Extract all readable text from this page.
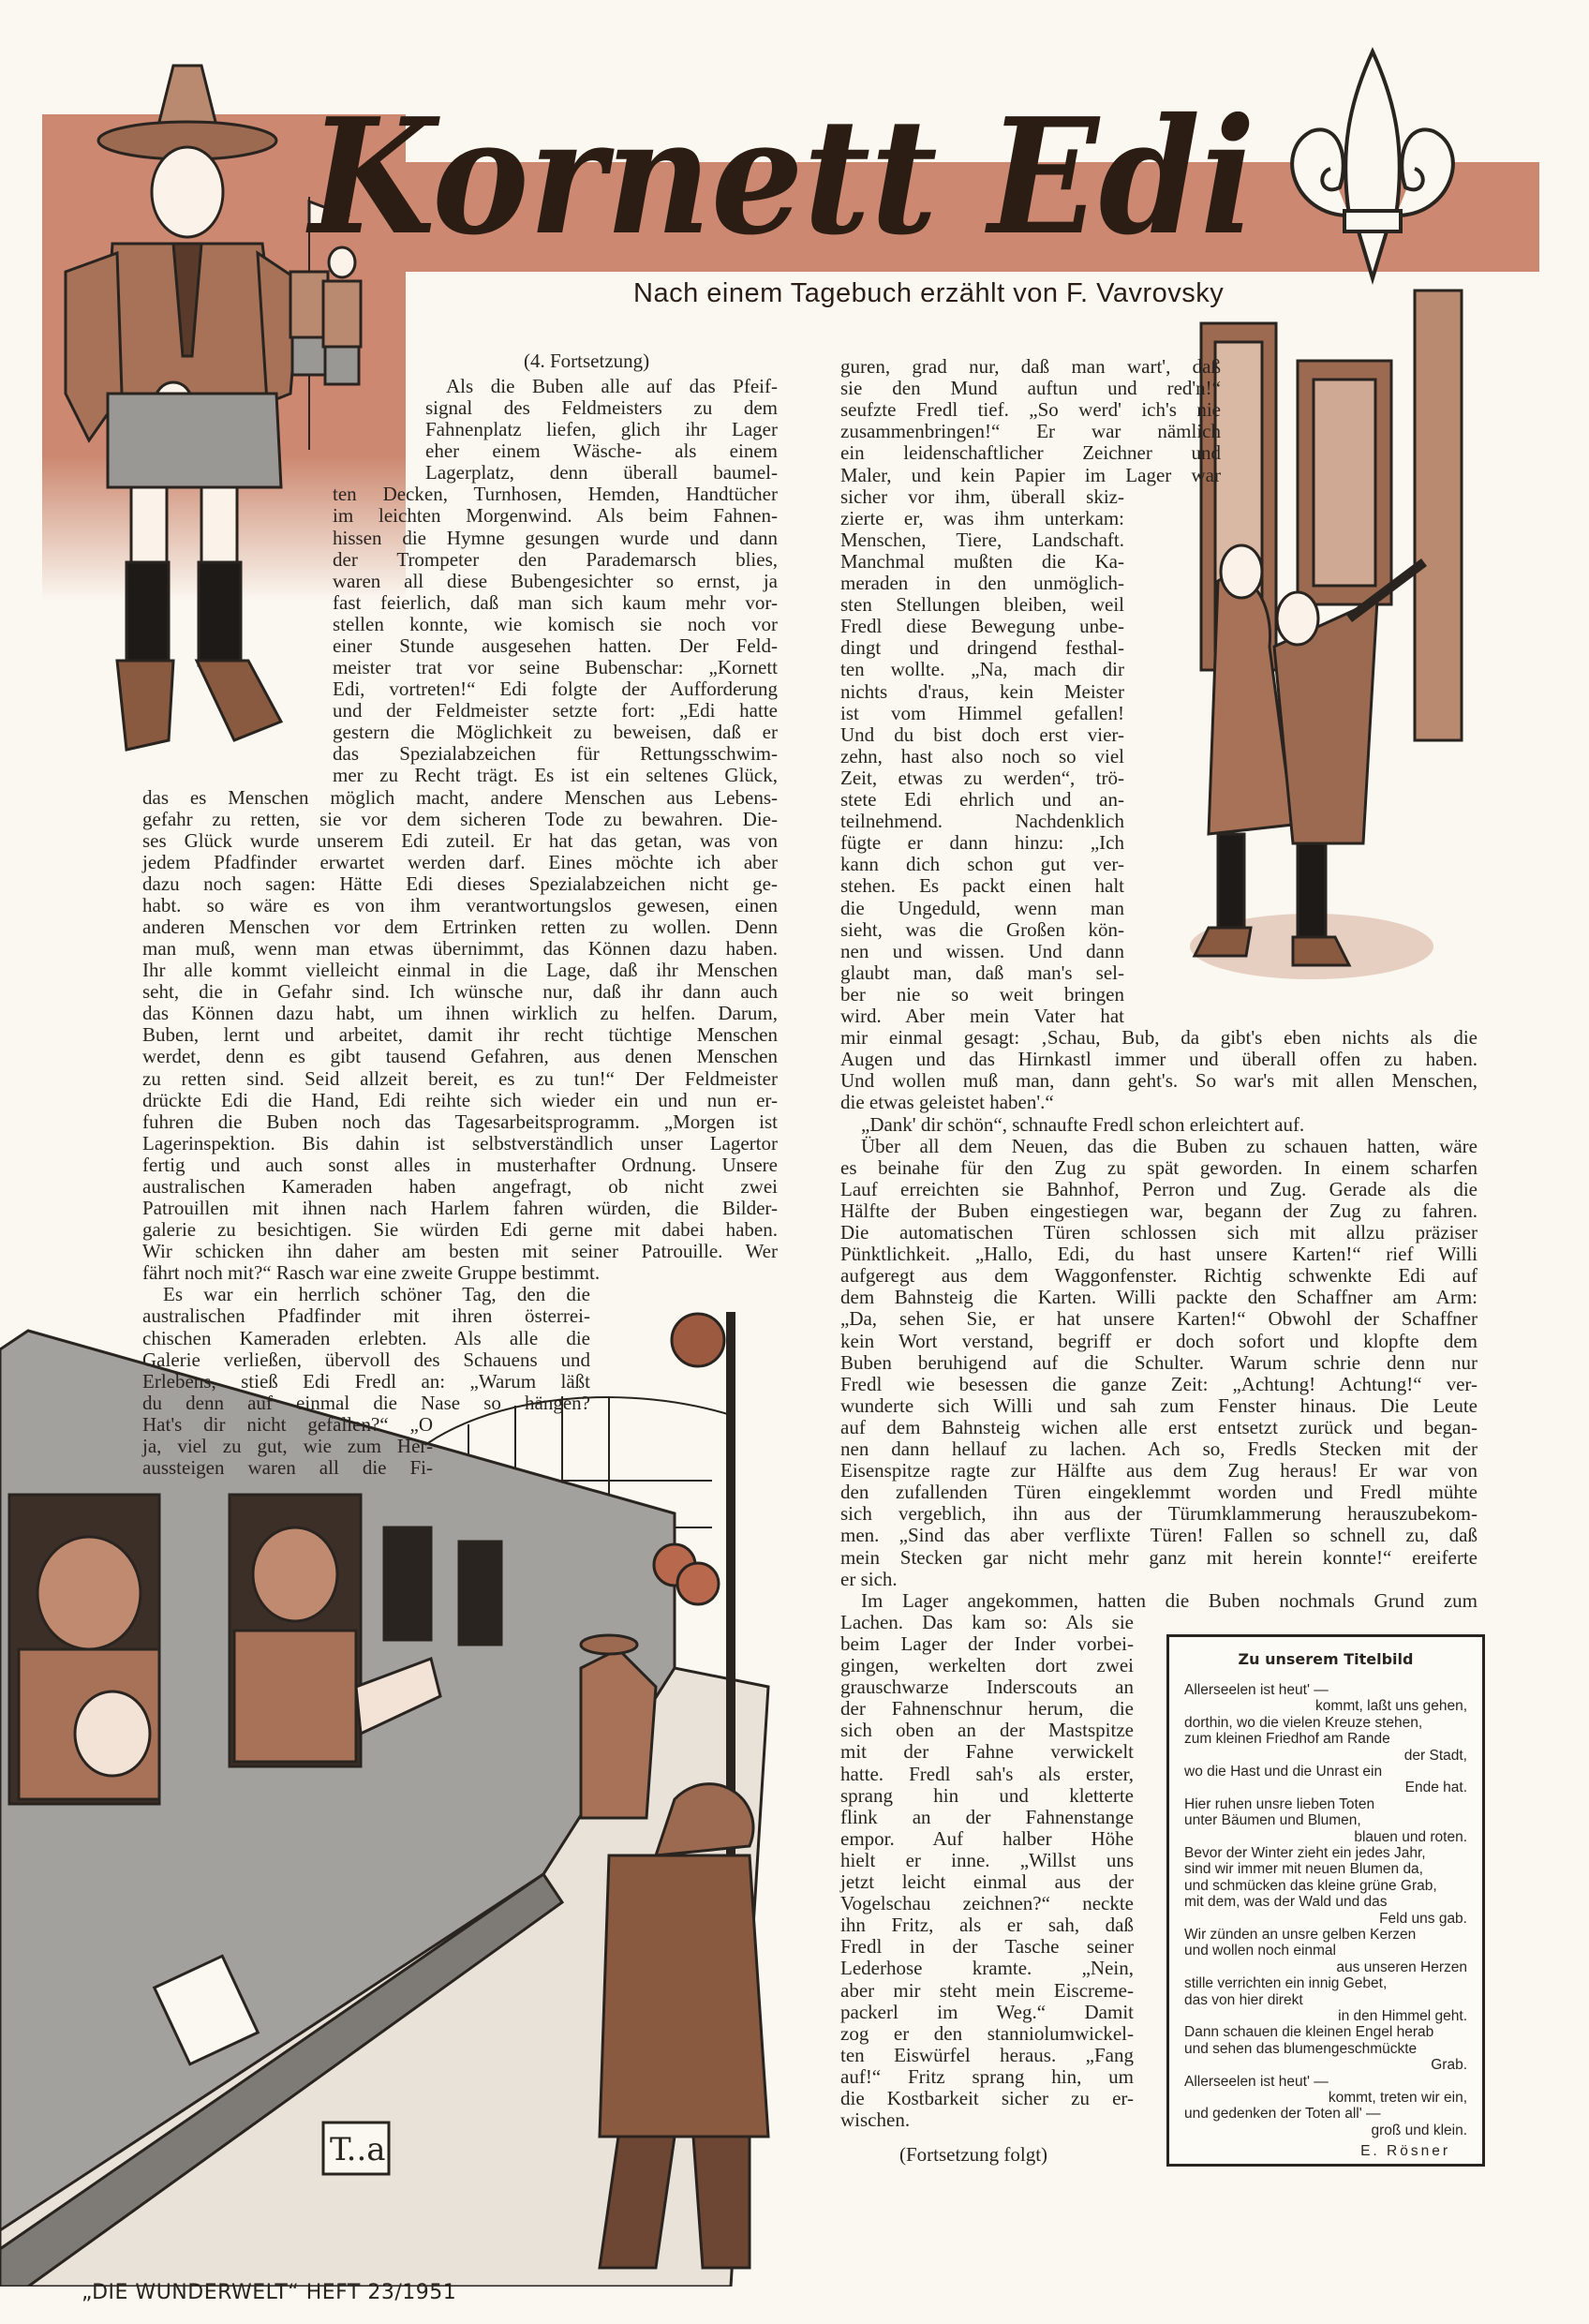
Kornett Edi
Nach einem Tagebuch erzählt von F. Vavrovsky
T..a
(4. Fortsetzung)
Als die Buben alle auf das Pfeif-
signal des Feldmeisters zu dem
Fahnenplatz liefen, glich ihr Lager
eher einem Wäsche- als einem
Lagerplatz, denn überall baumel-
ten Decken, Turnhosen, Hemden, Handtücher
im leichten Morgenwind. Als beim Fahnen-
hissen die Hymne gesungen wurde und dann
der Trompeter den Parademarsch blies,
waren all diese Bubengesichter so ernst, ja
fast feierlich, daß man sich kaum mehr vor-
stellen konnte, wie komisch sie noch vor
einer Stunde ausgesehen hatten. Der Feld-
meister trat vor seine Bubenschar: „Kornett
Edi, vortreten!“ Edi folgte der Aufforderung
und der Feldmeister setzte fort: „Edi hatte
gestern die Möglichkeit zu beweisen, daß er
das Spezialabzeichen für Rettungsschwim-
mer zu Recht trägt. Es ist ein seltenes Glück,
das es Menschen möglich macht, andere Menschen aus Lebens-
gefahr zu retten, sie vor dem sicheren Tode zu bewahren. Die-
ses Glück wurde unserem Edi zuteil. Er hat das getan, was von
jedem Pfadfinder erwartet werden darf. Eines möchte ich aber
dazu noch sagen: Hätte Edi dieses Spezialabzeichen nicht ge-
habt. so wäre es von ihm verantwortungslos gewesen, einen
anderen Menschen vor dem Ertrinken retten zu wollen. Denn
man muß, wenn man etwas übernimmt, das Können dazu haben.
Ihr alle kommt vielleicht einmal in die Lage, daß ihr Menschen
seht, die in Gefahr sind. Ich wünsche nur, daß ihr dann auch
das Können dazu habt, um ihnen wirklich zu helfen. Darum,
Buben, lernt und arbeitet, damit ihr recht tüchtige Menschen
werdet, denn es gibt tausend Gefahren, aus denen Menschen
zu retten sind. Seid allzeit bereit, es zu tun!“ Der Feldmeister
drückte Edi die Hand, Edi reihte sich wieder ein und nun er-
fuhren die Buben noch das Tagesarbeitsprogramm. „Morgen ist
Lagerinspektion. Bis dahin ist selbstverständlich unser Lagertor
fertig und auch sonst alles in musterhafter Ordnung. Unsere
australischen Kameraden haben angefragt, ob nicht zwei
Patrouillen mit ihnen nach Harlem fahren würden, die Bilder-
galerie zu besichtigen. Sie würden Edi gerne mit dabei haben.
Wir schicken ihn daher am besten mit seiner Patrouille. Wer
fährt noch mit?“ Rasch war eine zweite Gruppe bestimmt.
Es war ein herrlich schöner Tag, den die
australischen Pfadfinder mit ihren österrei-
chischen Kameraden erlebten. Als alle die
Galerie verließen, übervoll des Schauens und
Erlebens, stieß Edi Fredl an: „Warum läßt
du denn auf einmal die Nase so hängen?
Hat's dir nicht gefallen?“ „O
ja, viel zu gut, wie zum Her-
aussteigen waren all die Fi-
guren, grad nur, daß man wart', daß
sie den Mund auftun und red'n!“
seufzte Fredl tief. „So werd' ich's nie
zusammenbringen!“ Er war nämlich
ein leidenschaftlicher Zeichner und
Maler, und kein Papier im Lager war
sicher vor ihm, überall skiz-
zierte er, was ihm unterkam:
Menschen, Tiere, Landschaft.
Manchmal mußten die Ka-
meraden in den unmöglich-
sten Stellungen bleiben, weil
Fredl diese Bewegung unbe-
dingt und dringend festhal-
ten wollte. „Na, mach dir
nichts d'raus, kein Meister
ist vom Himmel gefallen!
Und du bist doch erst vier-
zehn, hast also noch so viel
Zeit, etwas zu werden“, trö-
stete Edi ehrlich und an-
teilnehmend. Nachdenklich
fügte er dann hinzu: „Ich
kann dich schon gut ver-
stehen. Es packt einen halt
die Ungeduld, wenn man
sieht, was die Großen kön-
nen und wissen. Und dann
glaubt man, daß man's sel-
ber nie so weit bringen
wird. Aber mein Vater hat
mir einmal gesagt: ‚Schau, Bub, da gibt's eben nichts als die
Augen und das Hirnkastl immer und überall offen zu haben.
Und wollen muß man, dann geht's. So war's mit allen Menschen,
die etwas geleistet haben'.“
„Dank' dir schön“, schnaufte Fredl schon erleichtert auf.
Über all dem Neuen, das die Buben zu schauen hatten, wäre
es beinahe für den Zug zu spät geworden. In einem scharfen
Lauf erreichten sie Bahnhof, Perron und Zug. Gerade als die
Hälfte der Buben eingestiegen war, begann der Zug zu fahren.
Die automatischen Türen schlossen sich mit allzu präziser
Pünktlichkeit. „Hallo, Edi, du hast unsere Karten!“ rief Willi
aufgeregt aus dem Waggonfenster. Richtig schwenkte Edi auf
dem Bahnsteig die Karten. Willi packte den Schaffner am Arm:
„Da, sehen Sie, er hat unsere Karten!“ Obwohl der Schaffner
kein Wort verstand, begriff er doch sofort und klopfte dem
Buben beruhigend auf die Schulter. Warum schrie denn nur
Fredl wie besessen die ganze Zeit: „Achtung! Achtung!“ ver-
wunderte sich Willi und sah zum Fenster hinaus. Die Leute
auf dem Bahnsteig wichen alle erst entsetzt zurück und began-
nen dann hellauf zu lachen. Ach so, Fredls Stecken mit der
Eisenspitze ragte zur Hälfte aus dem Zug heraus! Er war von
den zufallenden Türen eingeklemmt worden und Fredl mühte
sich vergeblich, ihn aus der Türumklammerung herauszubekom-
men. „Sind das aber verflixte Türen! Fallen so schnell zu, daß
mein Stecken gar nicht mehr ganz mit herein konnte!“ ereiferte
er sich.
Im Lager angekommen, hatten die Buben nochmals Grund zum
Lachen. Das kam so: Als sie
beim Lager der Inder vorbei-
gingen, werkelten dort zwei
grauschwarze Inderscouts an
der Fahnenschnur herum, die
sich oben an der Mastspitze
mit der Fahne verwickelt
hatte. Fredl sah's als erster,
sprang hin und kletterte
flink an der Fahnenstange
empor. Auf halber Höhe
hielt er inne. „Willst uns
jetzt leicht einmal aus der
Vogelschau zeichnen?“ neckte
ihn Fritz, als er sah, daß
Fredl in der Tasche seiner
Lederhose kramte. „Nein,
aber mir steht mein Eiscreme-
packerl im Weg.“ Damit
zog er den stanniolumwickel-
ten Eiswürfel heraus. „Fang
auf!“ Fritz sprang hin, um
die Kostbarkeit sicher zu er-
wischen.
(Fortsetzung folgt)
Zu unserem Titelbild
Allerseelen ist heut' —
kommt, laßt uns gehen,
dorthin, wo die vielen Kreuze stehen,
zum kleinen Friedhof am Rande
der Stadt,
wo die Hast und die Unrast ein
Ende hat.
Hier ruhen unsre lieben Toten
unter Bäumen und Blumen,
blauen und roten.
Bevor der Winter zieht ein jedes Jahr,
sind wir immer mit neuen Blumen da,
und schmücken das kleine grüne Grab,
mit dem, was der Wald und das
Feld uns gab.
Wir zünden an unsre gelben Kerzen
und wollen noch einmal
aus unseren Herzen
stille verrichten ein innig Gebet,
das von hier direkt
in den Himmel geht.
Dann schauen die kleinen Engel herab
und sehen das blumengeschmückte
Grab.
Allerseelen ist heut' —
kommt, treten wir ein,
und gedenken der Toten all' —
groß und klein.
E. Rösner
„DIE WUNDERWELT“ HEFT 23/1951
